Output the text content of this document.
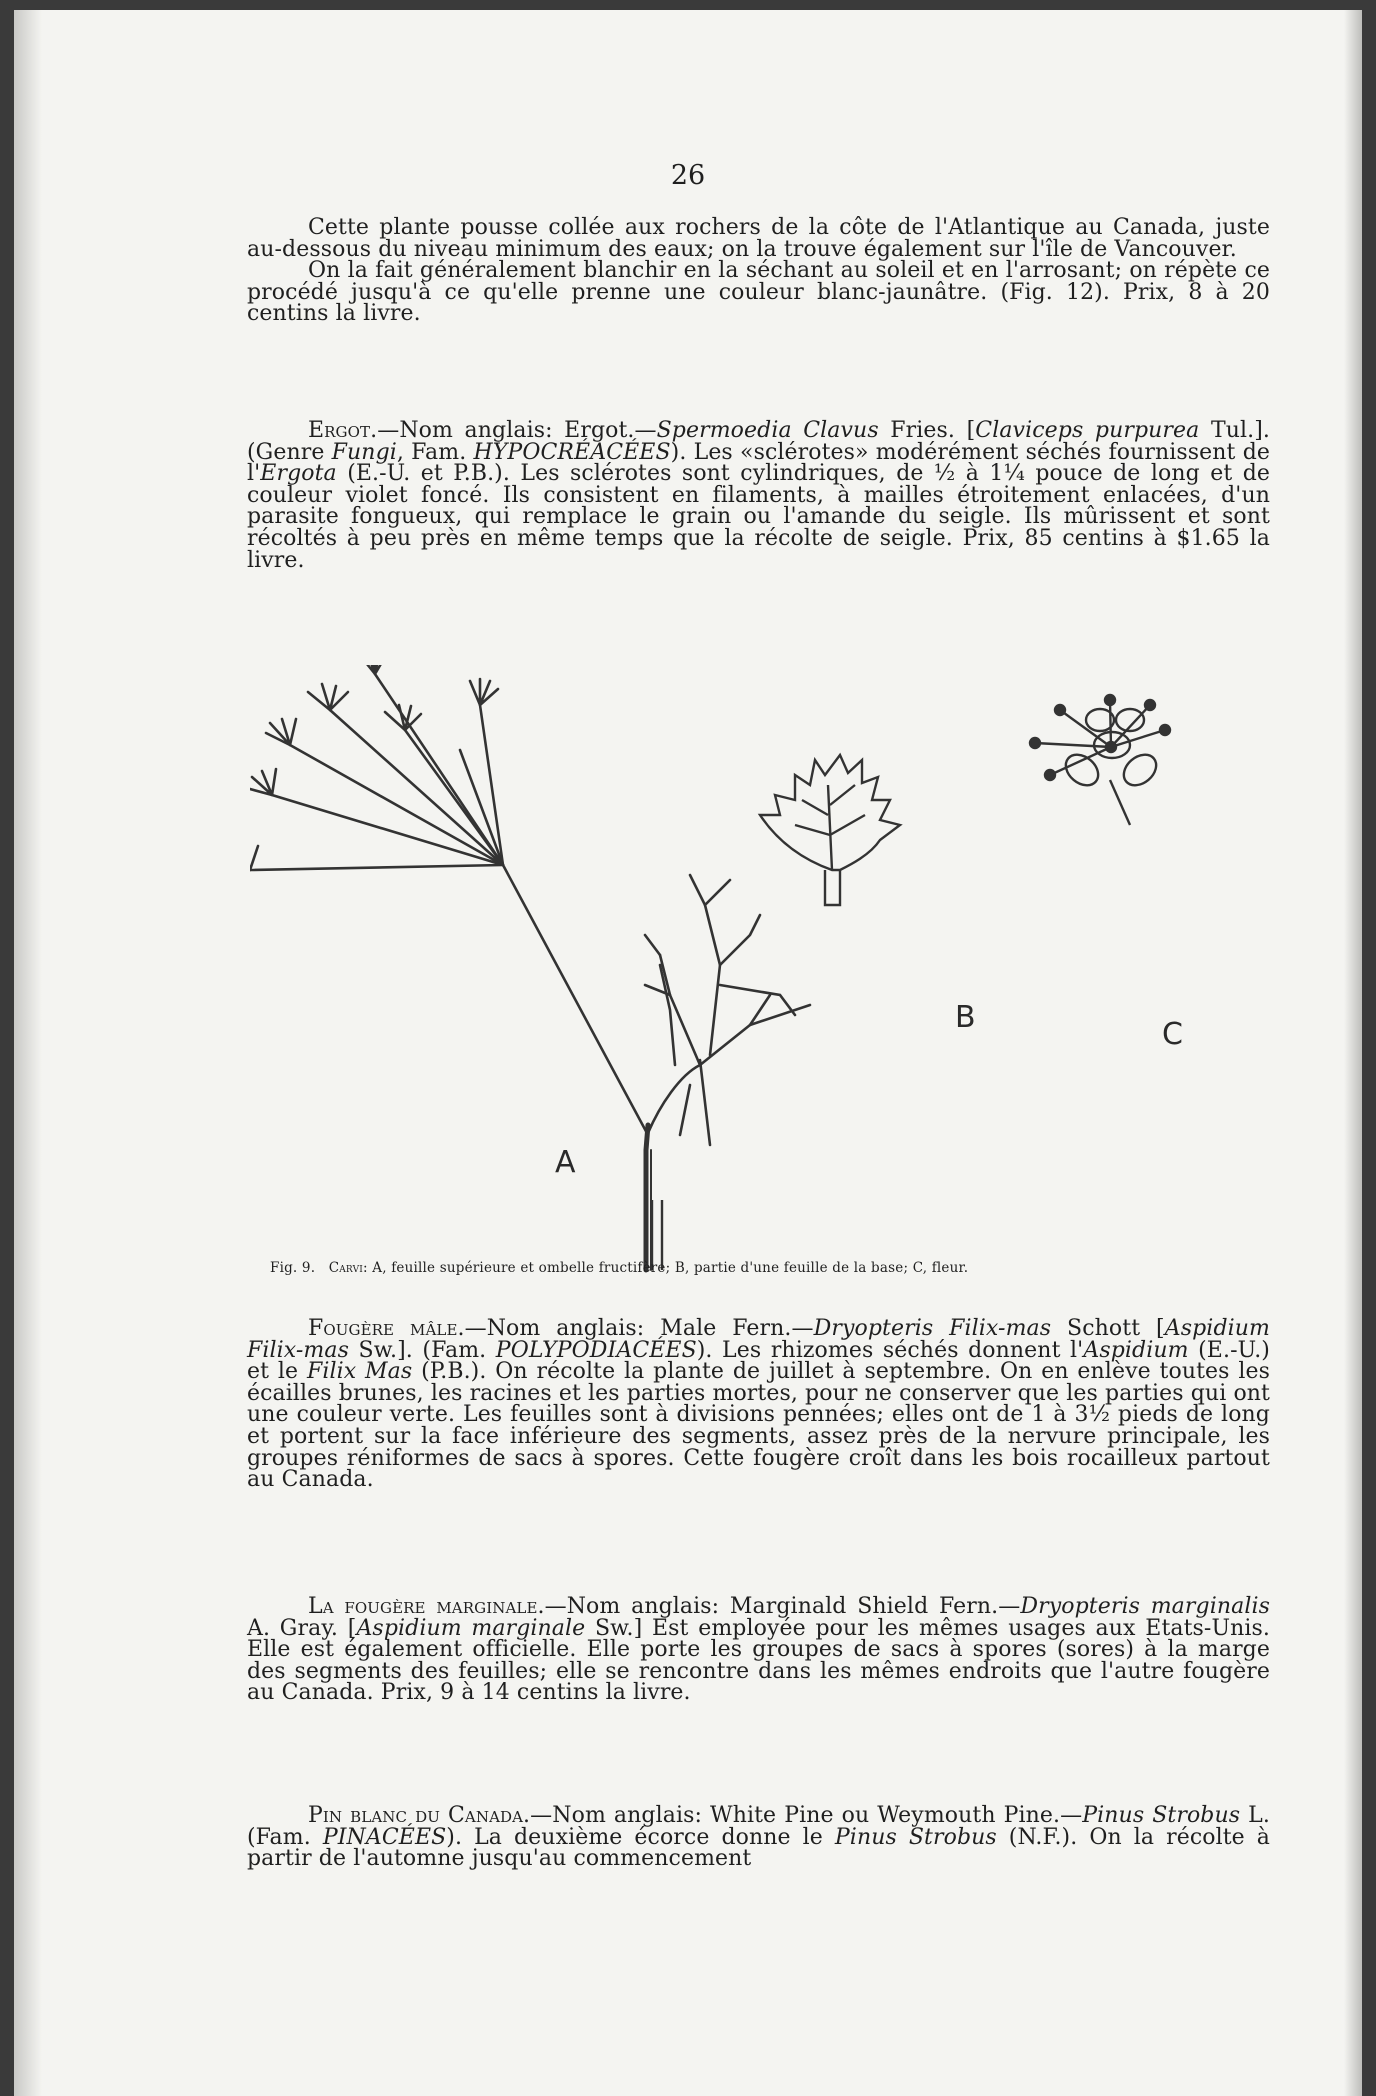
26

Cette plante pousse collée aux rochers de la côte de l'Atlantique au Canada, juste au-dessous du niveau minimum des eaux; on la trouve également sur l'île de Vancouver.

On la fait généralement blanchir en la séchant au soleil et en l'arrosant; on répète ce procédé jusqu'à ce qu'elle prenne une couleur blanc-jaunâtre. (Fig. 12). Prix, 8 à 20 centins la livre.

Ergot.—Nom anglais: Ergot.—Spermoedia Clavus Fries. [Claviceps purpurea Tul.]. (Genre Fungi, Fam. HYPOCRÉACÉES). Les «sclérotes» modérément séchés fournissent de l'Ergota (E.-U. et P.B.). Les sclérotes sont cylindriques, de ½ à 1¼ pouce de long et de couleur violet foncé. Ils consistent en filaments, à mailles étroitement enlacées, d'un parasite fongueux, qui remplace le grain ou l'amande du seigle. Ils mûrissent et sont récoltés à peu près en même temps que la récolte de seigle. Prix, 85 centins à $1.65 la livre.

A
B	C
Fig. 9. Carvi: A, feuille supérieure et ombelle fructifère; B, partie d'une feuille de la base; C, fleur.

Fougère mâle.—Nom anglais: Male Fern.—Dryopteris Filix-mas Schott [Aspidium Filix-mas Sw.]. (Fam. POLYPODIACÉES). Les rhizomes séchés donnent l'Aspidium (E.-U.) et le Filix Mas (P.B.). On récolte la plante de juillet à septembre. On en enlève toutes les écailles brunes, les racines et les parties mortes, pour ne conserver que les parties qui ont une couleur verte. Les feuilles sont à divisions pennées; elles ont de 1 à 3½ pieds de long et portent sur la face inférieure des segments, assez près de la nervure principale, les groupes réniformes de sacs à spores. Cette fougère croît dans les bois rocailleux partout au Canada.

La fougère marginale.—Nom anglais: Marginald Shield Fern.—Dryopteris marginalis A. Gray. [Aspidium marginale Sw.] Est employée pour les mêmes usages aux Etats-Unis. Elle est également officielle. Elle porte les groupes de sacs à spores (sores) à la marge des segments des feuilles; elle se rencontre dans les mêmes endroits que l'autre fougère au Canada. Prix, 9 à 14 centins la livre.

Pin blanc du Canada.—Nom anglais: White Pine ou Weymouth Pine.—Pinus Strobus L. (Fam. PINACÉES). La deuxième écorce donne le Pinus Strobus (N.F.). On la récolte à partir de l'automne jusqu'au commencement
